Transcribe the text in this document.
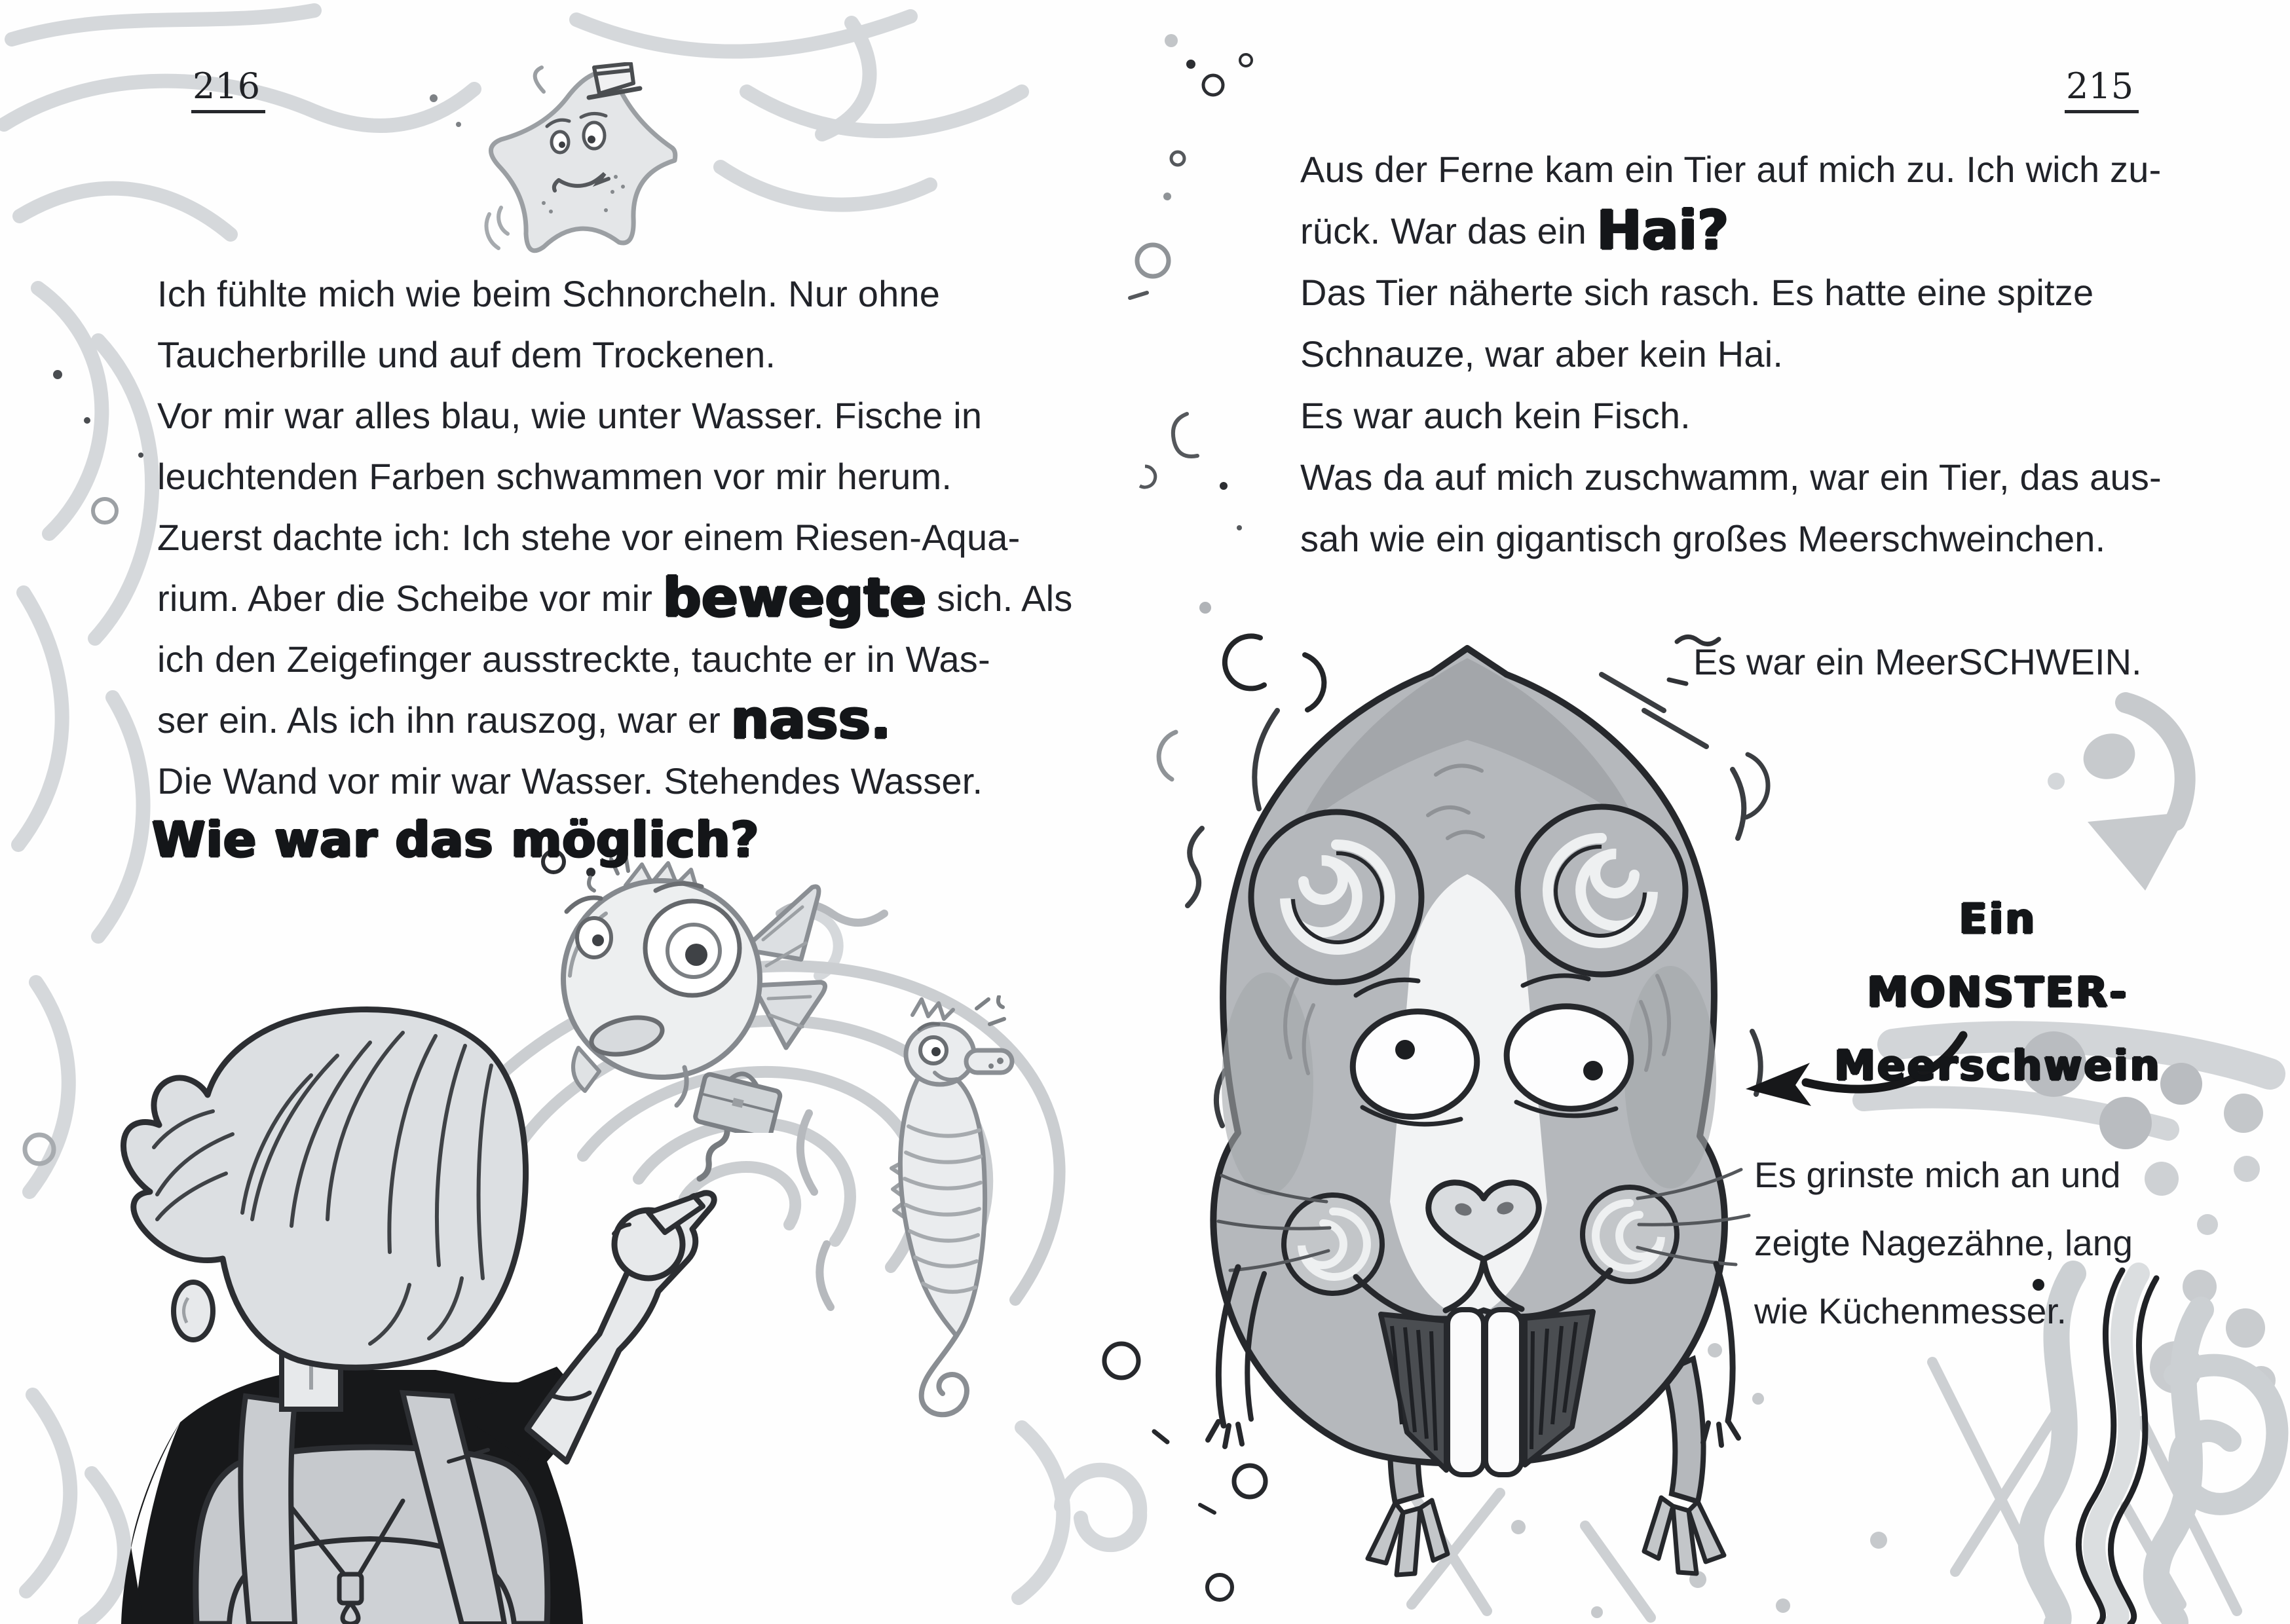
216
Ich fühlte mich wie beim Schnorcheln. Nur ohne
Taucherbrille und auf dem Trockenen.
Vor mir war alles blau, wie unter Wasser. Fische in
leuchtenden Farben schwammen vor mir herum.
Zuerst dachte ich: Ich stehe vor einem Riesen-Aqua-
rium. Aber die Scheibe vor mir bewegte sich. Als
ich den Zeigefinger ausstreckte, tauchte er in Was-
ser ein. Als ich ihn rauszog, war er nass.
Die Wand vor mir war Wasser. Stehendes Wasser.
Wie war das möglich?
215
Aus der Ferne kam ein Tier auf mich zu. Ich wich zu-
rück. War das ein Hai?
Das Tier näherte sich rasch. Es hatte eine spitze
Schnauze, war aber kein Hai.
Es war auch kein Fisch.
Was da auf mich zuschwamm, war ein Tier, das aus-
sah wie ein gigantisch großes Meerschweinchen.
Es war ein MeerSCHWEIN.
Ein MONSTER-
Meerschwein
Es grinste mich an und
zeigte Nagezähne, lang
wie Küchenmesser.
